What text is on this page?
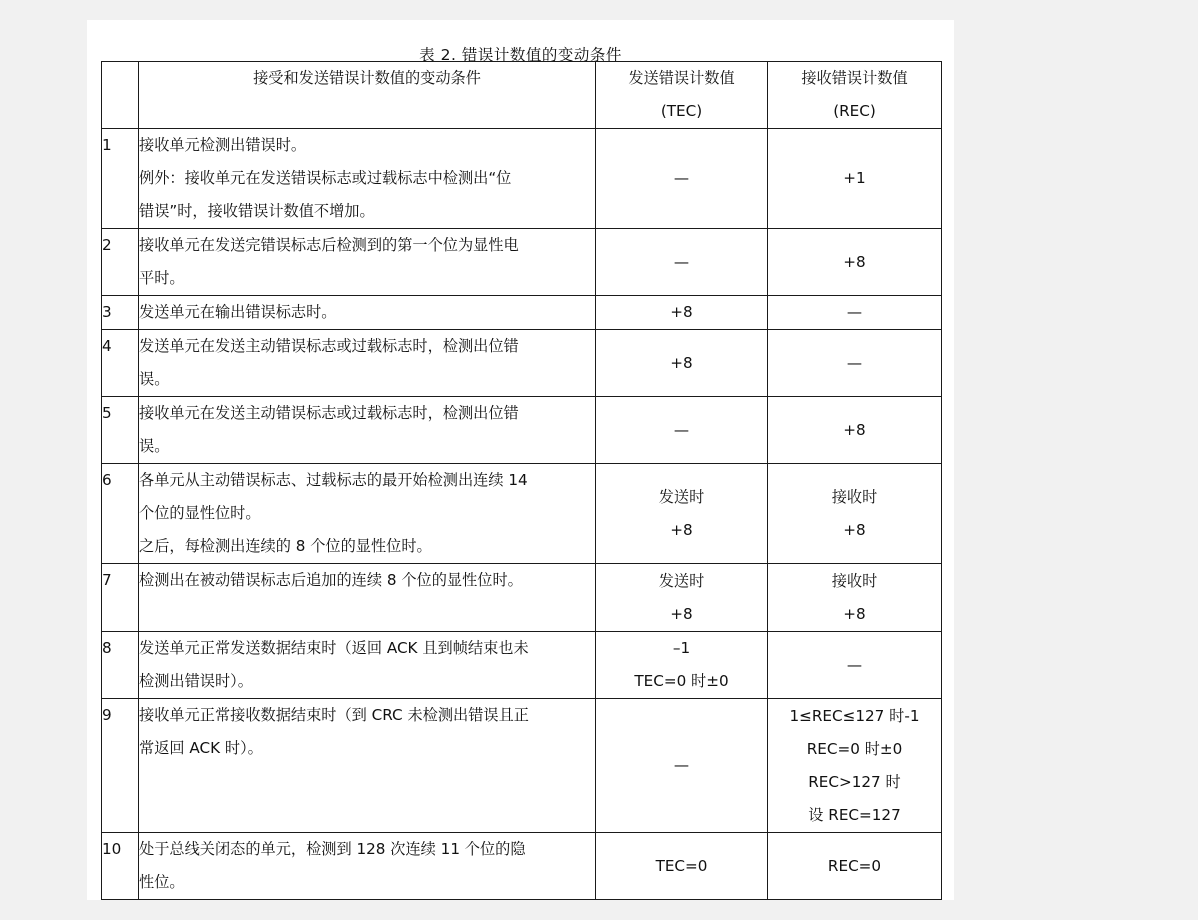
表 2. 错误计数值的变动条件
	接受和发送错误计数值的变动条件	发送错误计数值
(TEC)	接收错误计数值
(REC)

1	接收单元检测出错误时。
例外：接收单元在发送错误标志或过载标志中检测出“位
错误”时，接收错误计数值不增加。	—	+1

2	接收单元在发送完错误标志后检测到的第一个位为显性电
平时。	—	+8

3	发送单元在输出错误标志时。	+8	—

4	发送单元在发送主动错误标志或过载标志时，检测出位错
误。	+8	—

5	接收单元在发送主动错误标志或过载标志时，检测出位错
误。	—	+8

6	各单元从主动错误标志、过载标志的最开始检测出连续 14
个位的显性位时。
之后，每检测出连续的 8 个位的显性位时。	发送时
+8	接收时
+8

7	检测出在被动错误标志后追加的连续 8 个位的显性位时。	发送时
+8	接收时
+8

8	发送单元正常发送数据结束时（返回 ACK 且到帧结束也未
检测出错误时）。	–1
TEC=0 时±0	—

9	接收单元正常接收数据结束时（到 CRC 未检测出错误且正
常返回 ACK 时）。	—	1≤REC≤127 时-1
REC=0 时±0
REC>127 时
设 REC=127

10	处于总线关闭态的单元，检测到 128 次连续 11 个位的隐
性位。	TEC=0	REC=0
